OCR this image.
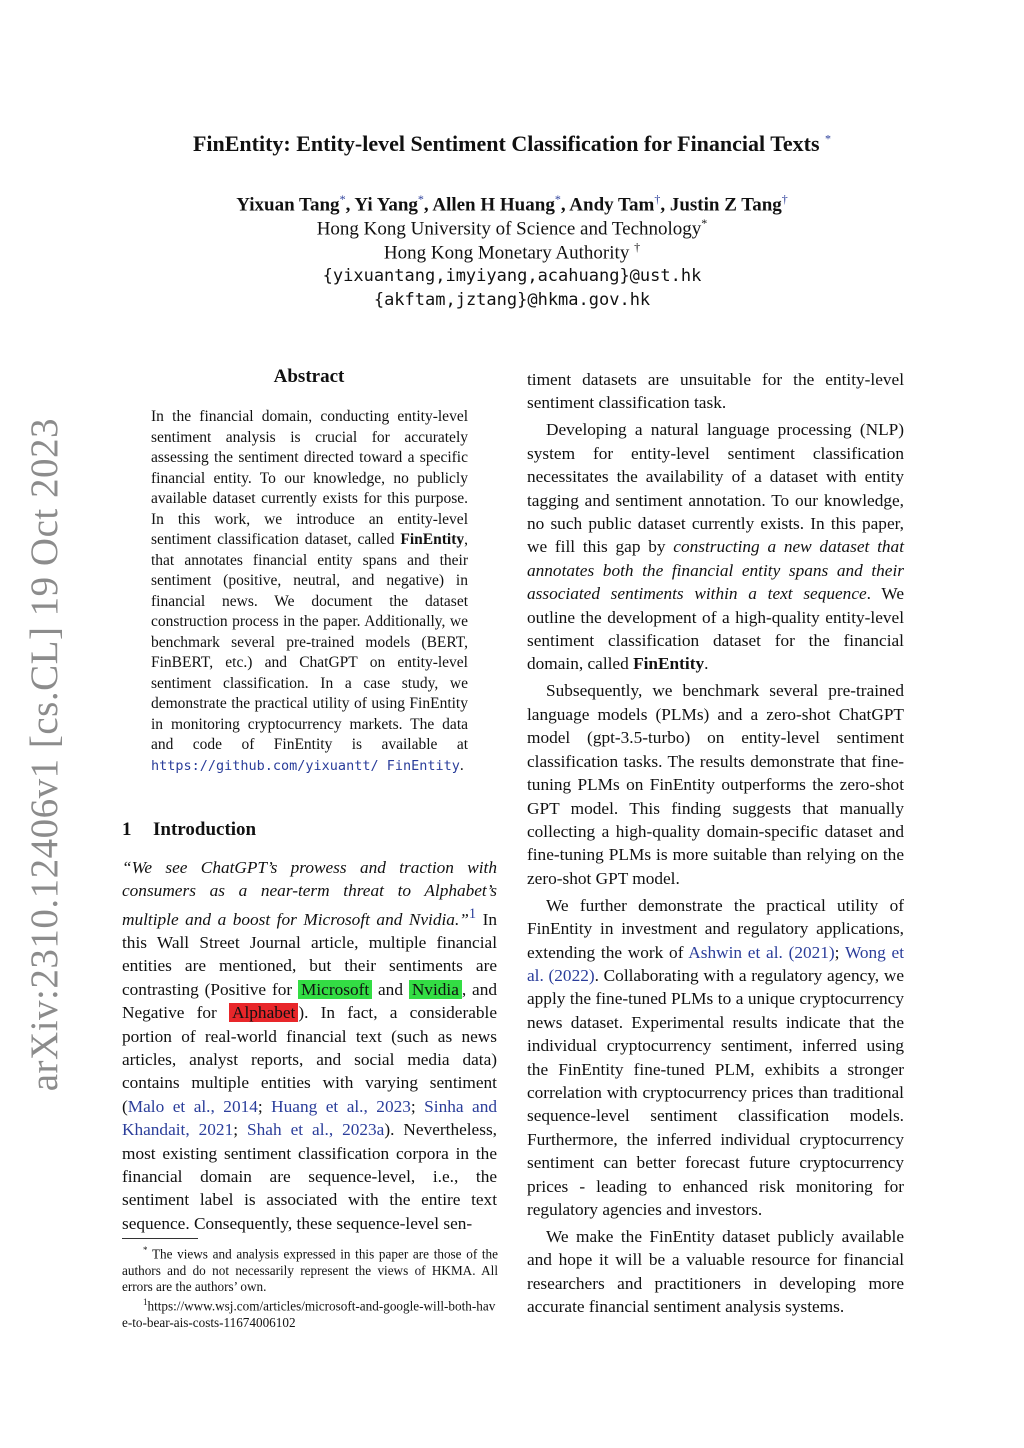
arXiv:2310.12406v1 [cs.CL] 19 Oct 2023
FinEntity: Entity-level Sentiment Classification for Financial Texts *
Yixuan Tang*, Yi Yang*, Allen H Huang*, Andy Tam†, Justin Z Tang†
Hong Kong University of Science and Technology*
Hong Kong Monetary Authority †
{yixuantang,imyiyang,acahuang}@ust.hk
{akftam,jztang}@hkma.gov.hk
Abstract
In the financial domain, conducting entity-level sentiment analysis is crucial for accurately assessing the sentiment directed toward a specific financial entity. To our knowledge, no publicly available dataset currently exists for this purpose. In this work, we introduce an entity-level sentiment classification dataset, called FinEntity, that annotates financial entity spans and their sentiment (positive, neutral, and negative) in financial news. We document the dataset construction process in the paper. Additionally, we benchmark several pre-trained models (BERT, FinBERT, etc.) and ChatGPT on entity-level sentiment classification. In a case study, we demonstrate the practical utility of using FinEntity in monitoring cryptocurrency markets. The data and code of FinEntity is available at https://github.com/yixuantt/ FinEntity.
1 Introduction

“We see ChatGPT’s prowess and traction with consumers as a near-term threat to Alphabet’s multiple and a boost for Microsoft and Nvidia.”$^1$ In this Wall Street Journal article, multiple financial entities are mentioned, but their sentiments are contrasting (Positive for Microsoft and Nvidia , and Negative for Alphabet ). In fact, a considerable portion of real-world financial text (such as news articles, analyst reports, and social media data) contains multiple entities with varying sentiment (Malo et al., 2014; Huang et al., 2023; Sinha and Khandait, 2021; Shah et al., 2023a). Nevertheless, most existing sentiment classification corpora in the financial domain are sequence-level, i.e., the sentiment label is associated with the entire text sequence. Consequently, these sequence-level sen-

timent datasets are unsuitable for the entity-level sentiment classification task.

Developing a natural language processing (NLP) system for entity-level sentiment classification necessitates the availability of a dataset with entity tagging and sentiment annotation. To our knowledge, no such public dataset currently exists. In this paper, we fill this gap by constructing a new dataset that annotates both the financial entity spans and their associated sentiments within a text sequence. We outline the development of a high-quality entity-level sentiment classification dataset for the financial domain, called FinEntity.

Subsequently, we benchmark several pre-trained language models (PLMs) and a zero-shot ChatGPT model (gpt-3.5-turbo) on entity-level sentiment classification tasks. The results demonstrate that fine-tuning PLMs on FinEntity outperforms the zero-shot GPT model. This finding suggests that manually collecting a high-quality domain-specific dataset and fine-tuning PLMs is more suitable than relying on the zero-shot GPT model.

We further demonstrate the practical utility of FinEntity in investment and regulatory applications, extending the work of Ashwin et al. (2021); Wong et al. (2022). Collaborating with a regulatory agency, we apply the fine-tuned PLMs to a unique cryptocurrency news dataset. Experimental results indicate that the individual cryptocurrency sentiment, inferred using the FinEntity fine-tuned PLM, exhibits a stronger correlation with cryptocurrency prices than traditional sequence-level sentiment classification models. Furthermore, the inferred individual cryptocurrency sentiment can better forecast future cryptocurrency prices - leading to enhanced risk monitoring for regulatory agencies and investors.

We make the FinEntity dataset publicly available and hope it will be a valuable resource for financial researchers and practitioners in developing more accurate financial sentiment analysis systems.

* The views and analysis expressed in this paper are those of the authors and do not necessarily represent the views of HKMA. All errors are the authors’ own.
$^1$https://www.wsj.com/articles/microsoft-and-google-will-both-have-to-bear-ais-costs-11674006102
